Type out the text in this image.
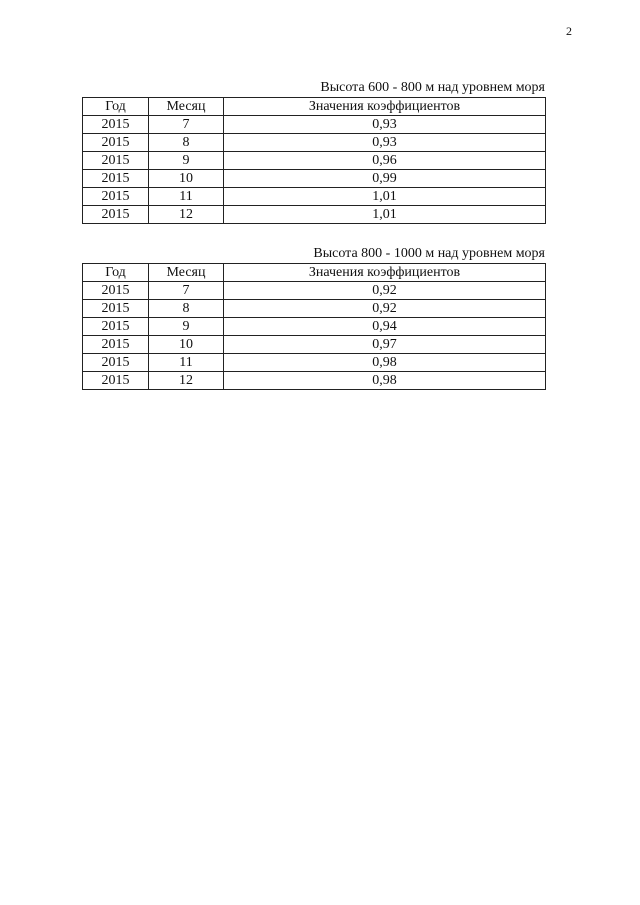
2
Высота 600 - 800 м над уровнем моря
Год	Месяц	Значения коэффициентов
2015	7	0,93
2015	8	0,93
2015	9	0,96
2015	10	0,99
2015	11	1,01
2015	12	1,01
Высота 800 - 1000 м над уровнем моря
Год	Месяц	Значения коэффициентов
2015	7	0,92
2015	8	0,92
2015	9	0,94
2015	10	0,97
2015	11	0,98
2015	12	0,98
